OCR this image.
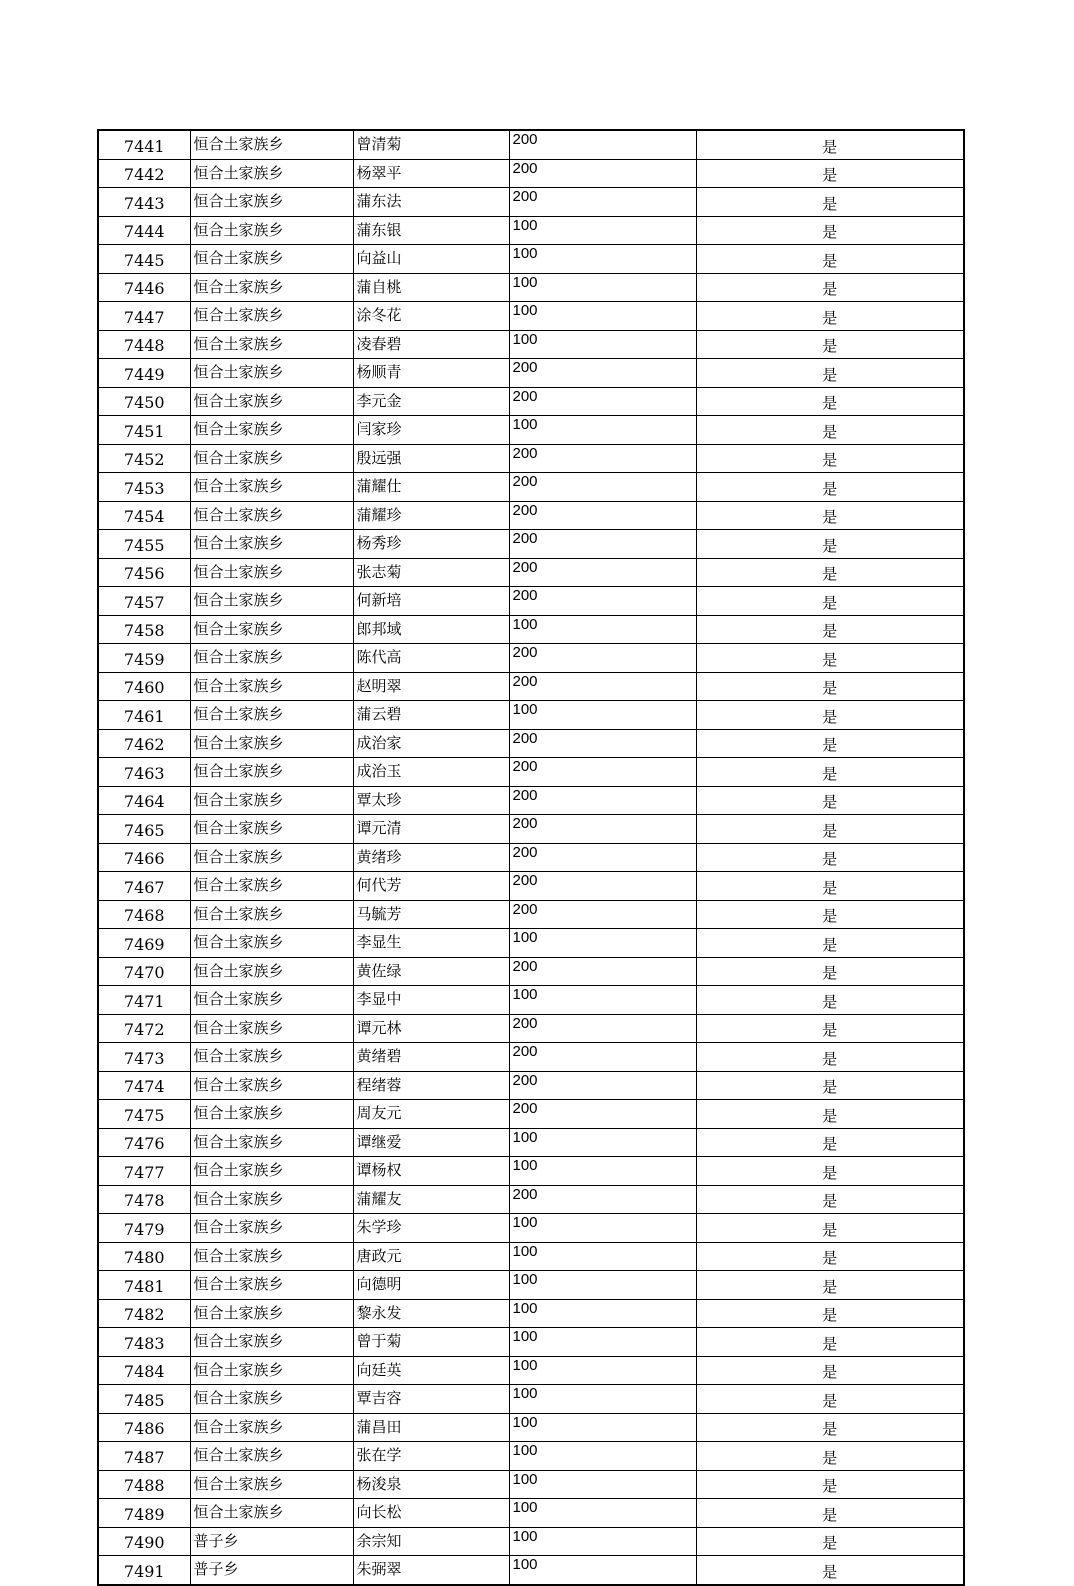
7441	恒合土家族乡	曾清菊	200	是
7442	恒合土家族乡	杨翠平	200	是
7443	恒合土家族乡	蒲东法	200	是
7444	恒合土家族乡	蒲东银	100	是
7445	恒合土家族乡	向益山	100	是
7446	恒合土家族乡	蒲自桃	100	是
7447	恒合土家族乡	涂冬花	100	是
7448	恒合土家族乡	凌春碧	100	是
7449	恒合土家族乡	杨顺青	200	是
7450	恒合土家族乡	李元金	200	是
7451	恒合土家族乡	闫家珍	100	是
7452	恒合土家族乡	殷远强	200	是
7453	恒合土家族乡	蒲耀仕	200	是
7454	恒合土家族乡	蒲耀珍	200	是
7455	恒合土家族乡	杨秀珍	200	是
7456	恒合土家族乡	张志菊	200	是
7457	恒合土家族乡	何新培	200	是
7458	恒合土家族乡	郎邦域	100	是
7459	恒合土家族乡	陈代高	200	是
7460	恒合土家族乡	赵明翠	200	是
7461	恒合土家族乡	蒲云碧	100	是
7462	恒合土家族乡	成治家	200	是
7463	恒合土家族乡	成治玉	200	是
7464	恒合土家族乡	覃太珍	200	是
7465	恒合土家族乡	谭元清	200	是
7466	恒合土家族乡	黄绪珍	200	是
7467	恒合土家族乡	何代芳	200	是
7468	恒合土家族乡	马毓芳	200	是
7469	恒合土家族乡	李显生	100	是
7470	恒合土家族乡	黄佐绿	200	是
7471	恒合土家族乡	李显中	100	是
7472	恒合土家族乡	谭元林	200	是
7473	恒合土家族乡	黄绪碧	200	是
7474	恒合土家族乡	程绪蓉	200	是
7475	恒合土家族乡	周友元	200	是
7476	恒合土家族乡	谭继爱	100	是
7477	恒合土家族乡	谭杨权	100	是
7478	恒合土家族乡	蒲耀友	200	是
7479	恒合土家族乡	朱学珍	100	是
7480	恒合土家族乡	唐政元	100	是
7481	恒合土家族乡	向德明	100	是
7482	恒合土家族乡	黎永发	100	是
7483	恒合土家族乡	曾于菊	100	是
7484	恒合土家族乡	向廷英	100	是
7485	恒合土家族乡	覃吉容	100	是
7486	恒合土家族乡	蒲昌田	100	是
7487	恒合土家族乡	张在学	100	是
7488	恒合土家族乡	杨浚泉	100	是
7489	恒合土家族乡	向长松	100	是
7490	普子乡	余宗知	100	是
7491	普子乡	朱弼翠	100	是
